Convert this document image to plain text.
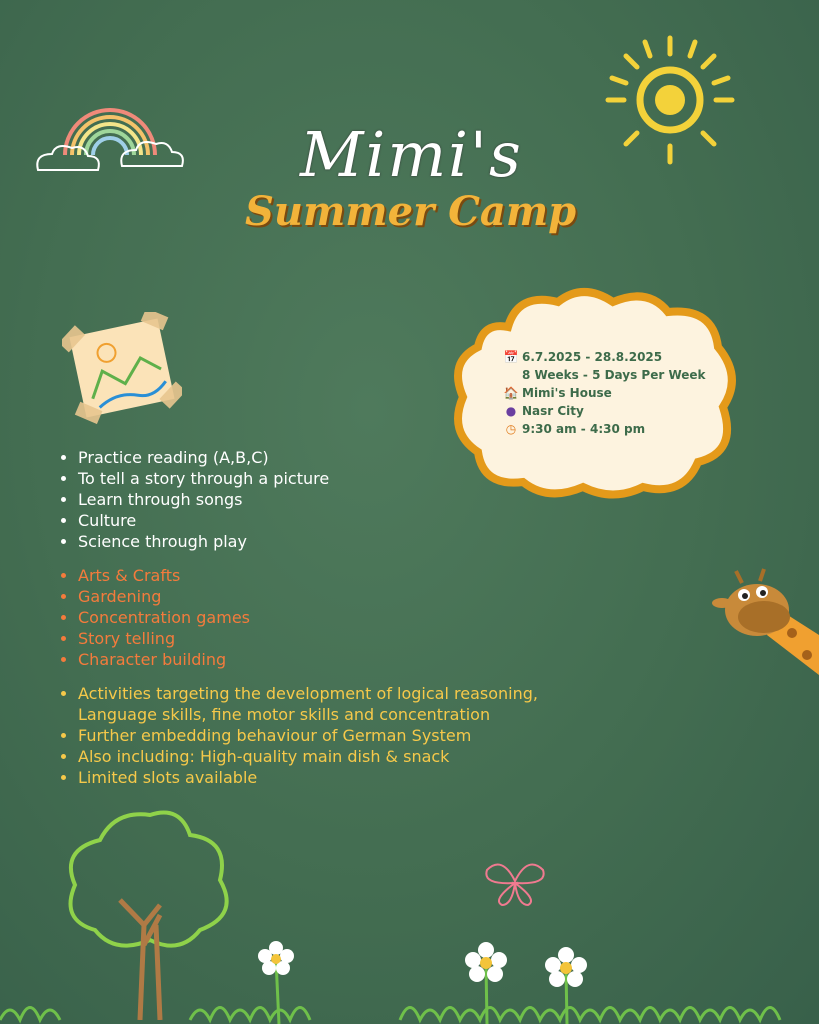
Mimi's
Summer Camp
📅 6.7.2025 - 28.8.2025
8 Weeks - 5 Days Per Week
🏠 Mimi's House
● Nasr City
◷ 9:30 am - 4:30 pm
• Practice reading (A,B,C)
• To tell a story through a picture
• Learn through songs
• Culture
• Science through play
• Arts & Crafts
• Gardening
• Concentration games
• Story telling
• Character building
• Activities targeting the development of logical reasoning,
Language skills, fine motor skills and concentration
• Further embedding behaviour of German System
• Also including: High-quality main dish & snack
• Limited slots available
